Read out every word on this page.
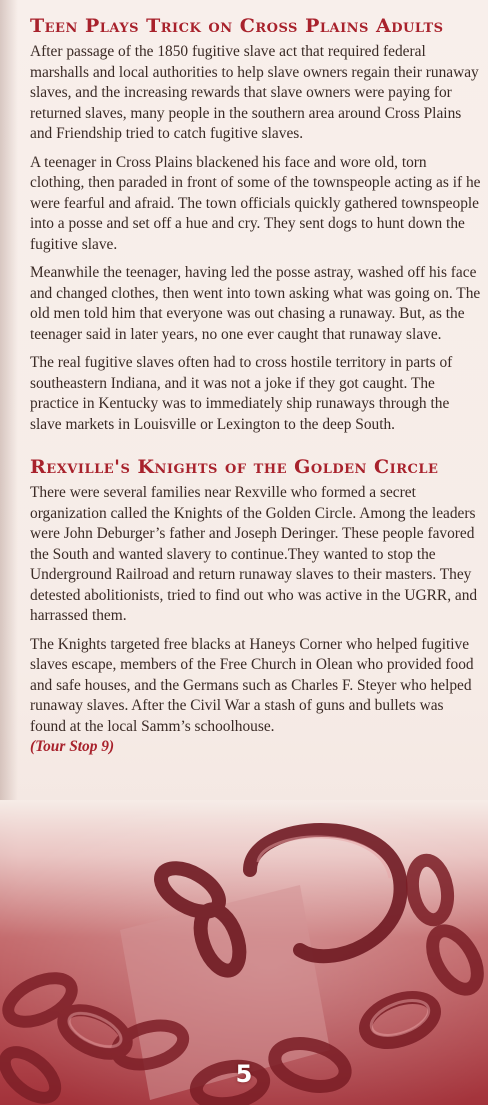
Teen Plays Trick on Cross Plains Adults

After passage of the 1850 fugitive slave act that required federal marshalls and local authorities to help slave owners regain their runaway slaves, and the increasing rewards that slave owners were paying for returned slaves, many people in the southern area around Cross Plains and Friendship tried to catch fugitive slaves.

A teenager in Cross Plains blackened his face and wore old, torn clothing, then paraded in front of some of the townspeople acting as if he were fearful and afraid. The town officials quickly gathered townspeople into a posse and set off a hue and cry. They sent dogs to hunt down the fugitive slave.

Meanwhile the teenager, having led the posse astray, washed off his face and changed clothes, then went into town asking what was going on. The old men told him that everyone was out chasing a runaway. But, as the teenager said in later years, no one ever caught that runaway slave.

The real fugitive slaves often had to cross hostile territory in parts of southeastern Indiana, and it was not a joke if they got caught. The practice in Kentucky was to immediately ship runaways through the slave markets in Louisville or Lexington to the deep South.

Rexville's Knights of the Golden Circle

There were several families near Rexville who formed a secret organization called the Knights of the Golden Circle. Among the leaders were John Deburger’s father and Joseph Deringer. These people favored the South and wanted slavery to continue.They wanted to stop the Underground Railroad and return runaway slaves to their masters. They detested abolitionists, tried to find out who was active in the UGRR, and harrassed them.

The Knights targeted free blacks at Haneys Corner who helped fugitive slaves escape, members of the Free Church in Olean who provided food and safe houses, and the Germans such as Charles F. Steyer who helped runaway slaves. After the Civil War a stash of guns and bullets was found at the local Samm’s schoolhouse.
(Tour Stop 9)

5
